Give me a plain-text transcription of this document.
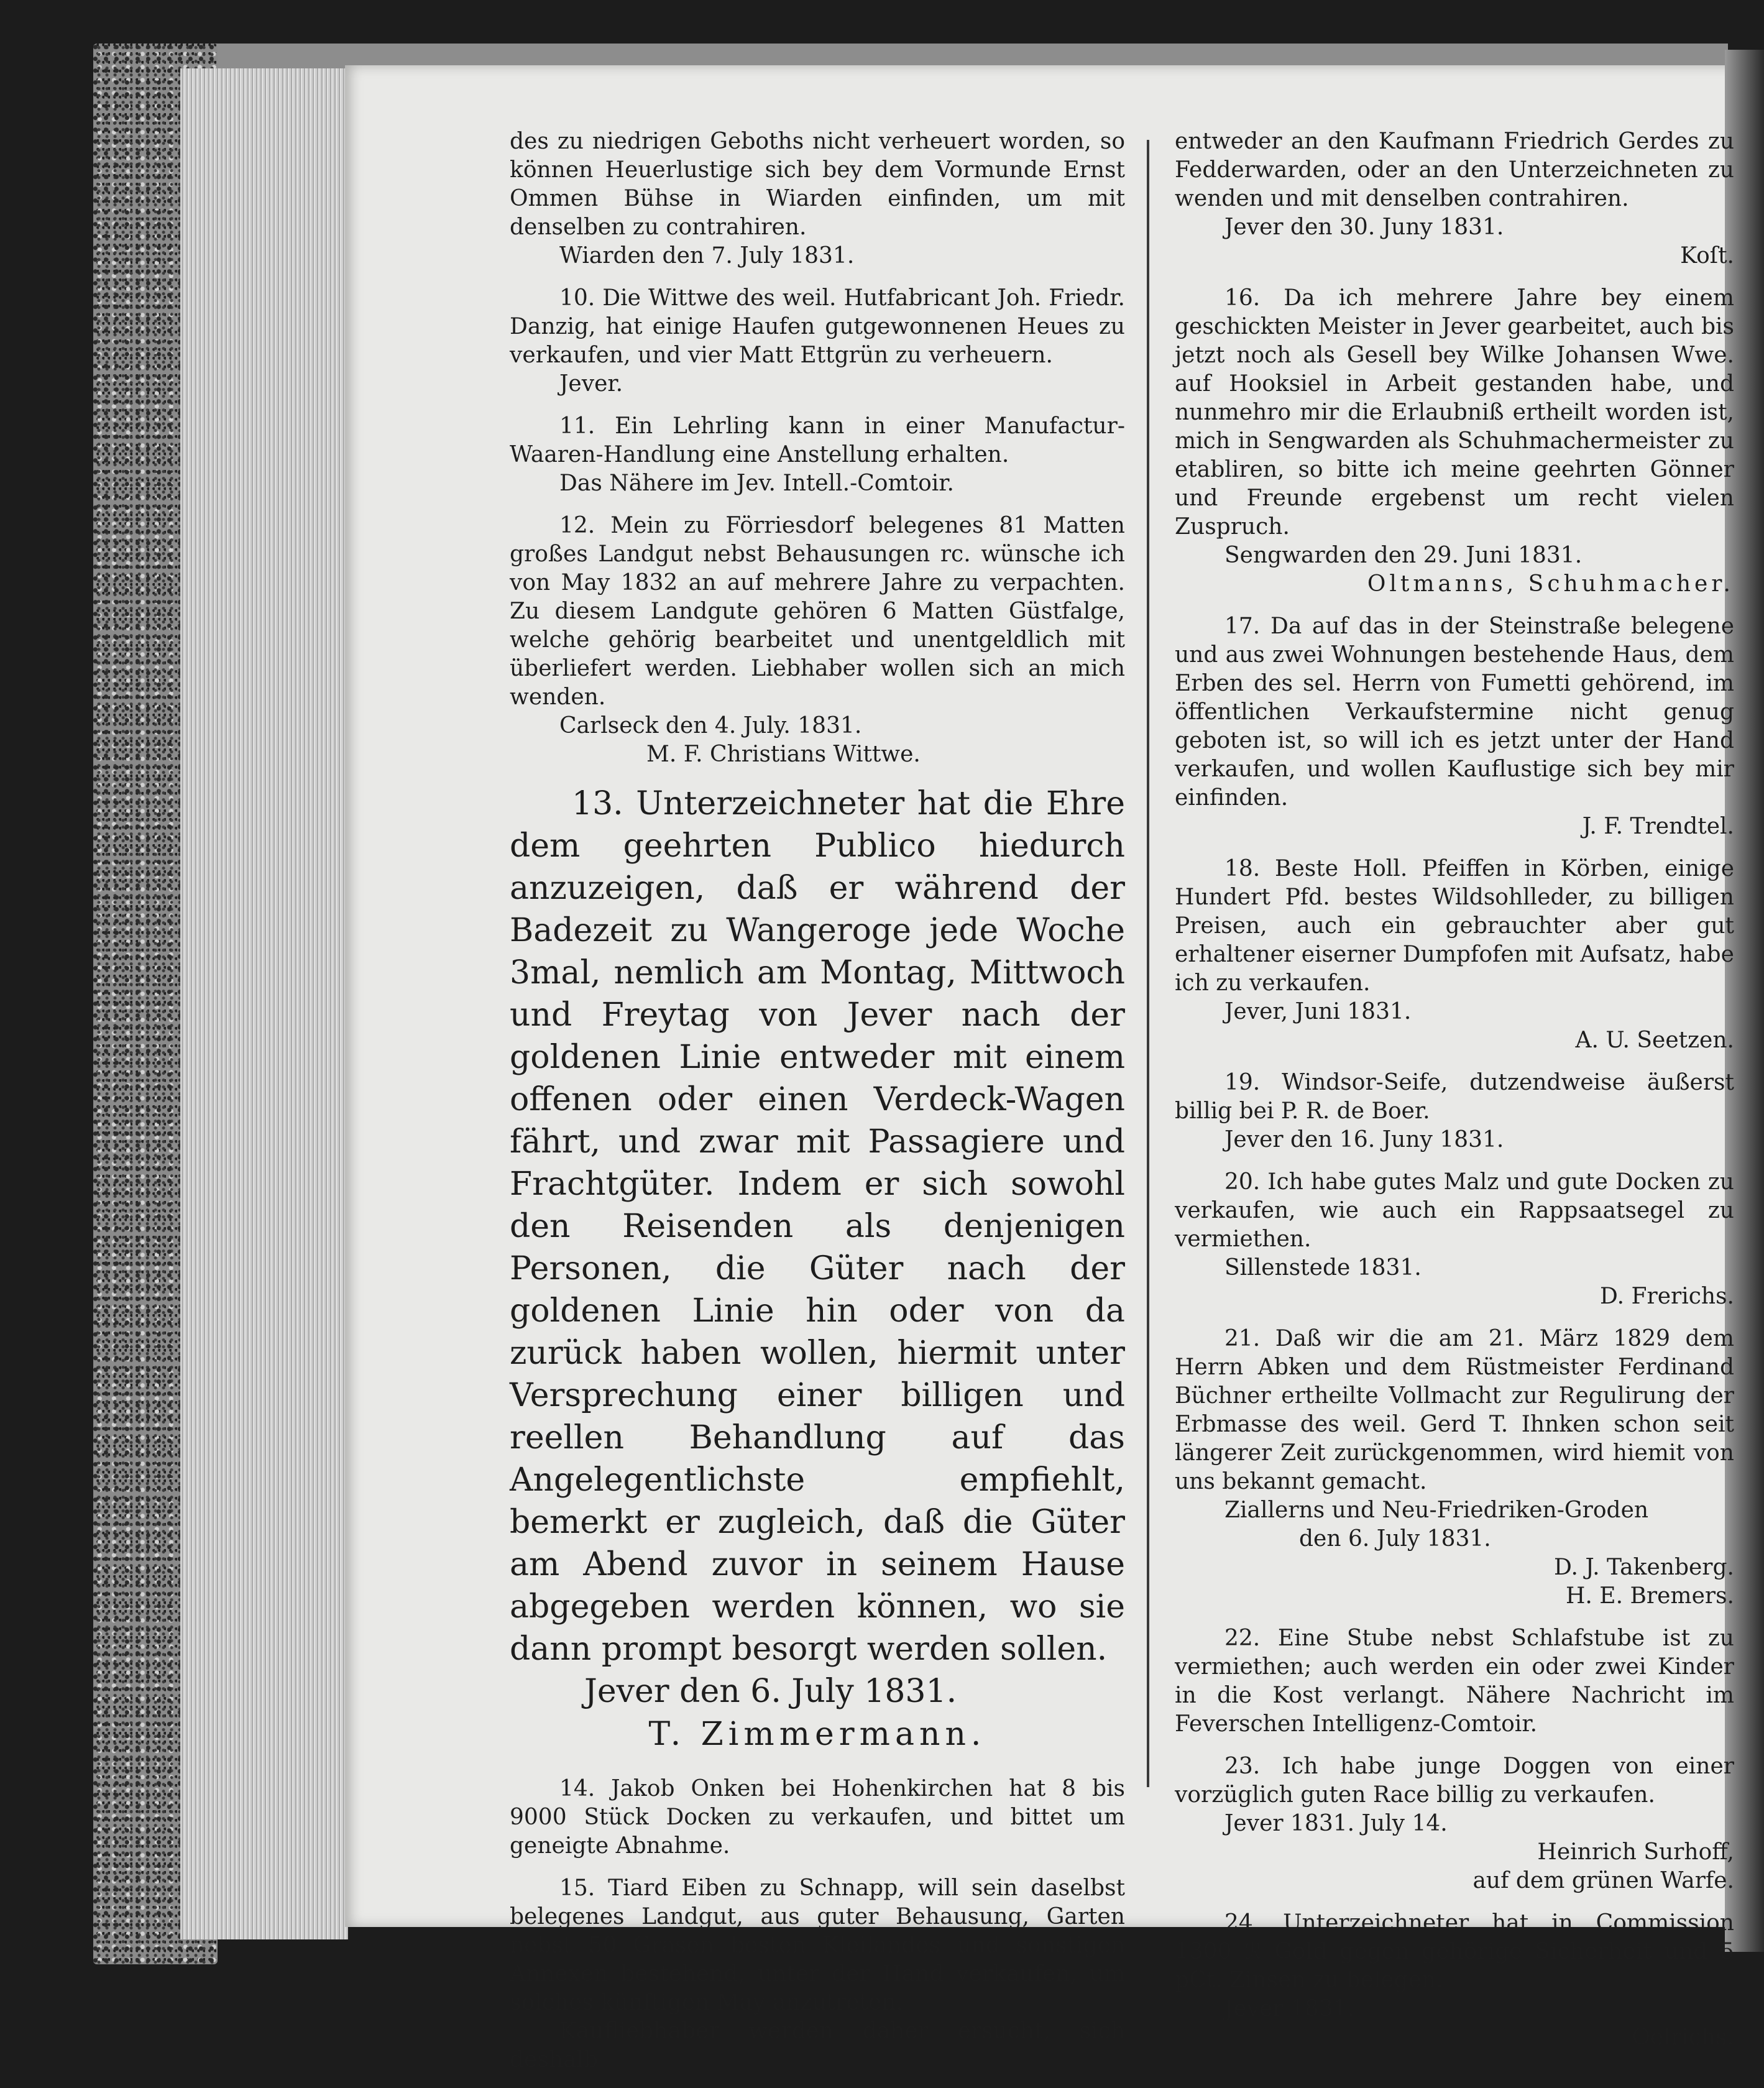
des zu niedrigen Geboths nicht verheuert worden, so können Heuerlustige sich bey dem Vormunde Ernst Ommen Bühse in Wiarden einfinden, um mit denselben zu contrahiren.

Wiarden den 7. July 1831.

10. Die Wittwe des weil. Hutfabricant Joh. Friedr. Danzig, hat einige Haufen gutgewonnenen Heues zu verkaufen, und vier Matt Ettgrün zu verheuern.

Jever.

11. Ein Lehrling kann in einer Manufactur-Waaren-Handlung eine Anstellung erhalten.

Das Nähere im Jev. Intell.-Comtoir.

12. Mein zu Förriesdorf belegenes 81 Matten großes Landgut nebst Behausungen rc. wünsche ich von May 1832 an auf mehrere Jahre zu verpachten. Zu diesem Landgute gehören 6 Matten Güstfalge, welche gehörig bearbeitet und unentgeldlich mit überliefert werden. Liebhaber wollen sich an mich wenden.

Carlseck den 4. July. 1831.

M. F. Christians Wittwe.

13. Unterzeichneter hat die Ehre dem geehrten Publico hiedurch anzuzeigen, daß er während der Badezeit zu Wangeroge jede Woche 3mal, nemlich am Montag, Mittwoch und Freytag von Jever nach der goldenen Linie entweder mit einem offenen oder einen Verdeck-Wagen fährt, und zwar mit Passagiere und Frachtgüter. Indem er sich sowohl den Reisenden als denjenigen Personen, die Güter nach der goldenen Linie hin oder von da zurück haben wollen, hiermit unter Versprechung einer billigen und reellen Behandlung auf das Angelegentlichste empfiehlt, bemerkt er zugleich, daß die Güter am Abend zuvor in seinem Hause abgegeben werden können, wo sie dann prompt besorgt werden sollen.

Jever den 6. July 1831.

T. Zimmermann.

14. Jakob Onken bei Hohenkirchen hat 8 bis 9000 Stück Docken zu verkaufen, und bittet um geneigte Abnahme.

15. Tiard Eiben zu Schnapp, will sein daselbst belegenes Landgut, aus guter Behausung, Garten nebst 50 Grasen besten Kleilandes und sonstigen Annexen bestehend, unter der Hand verkaufen, um solches künftigen May anzutreten.

Kaufliebhaber werden daher ersucht, sich deshalb

entweder an den Kaufmann Friedrich Gerdes zu Fedderwarden, oder an den Unterzeichneten zu wenden und mit denselben contrahiren.

Jever den 30. Juny 1831.

Koſt.

16. Da ich mehrere Jahre bey einem geschickten Meister in Jever gearbeitet, auch bis jetzt noch als Gesell bey Wilke Johansen Wwe. auf Hooksiel in Arbeit gestanden habe, und nunmehro mir die Erlaubniß ertheilt worden ist, mich in Sengwarden als Schuhmachermeister zu etabliren, so bitte ich meine geehrten Gönner und Freunde ergebenst um recht vielen Zuspruch.

Sengwarden den 29. Juni 1831.

Oltmanns, Schuhmacher.

17. Da auf das in der Steinstraße belegene und aus zwei Wohnungen bestehende Haus, dem Erben des sel. Herrn von Fumetti gehörend, im öffentlichen Verkaufstermine nicht genug geboten ist, so will ich es jetzt unter der Hand verkaufen, und wollen Kauflustige sich bey mir einfinden.

J. F. Trendtel.

18. Beste Holl. Pfeiffen in Körben, einige Hundert Pfd. bestes Wildsohlleder, zu billigen Preisen, auch ein gebrauchter aber gut erhaltener eiserner Dumpfofen mit Aufsatz, habe ich zu verkaufen.

Jever, Juni 1831.

A. U. Seetzen.

19. Windsor-Seife, dutzendweise äußerst billig bei P. R. de Boer.

Jever den 16. Juny 1831.

20. Ich habe gutes Malz und gute Docken zu verkaufen, wie auch ein Rappsaatsegel zu vermiethen.

Sillenstede 1831.

D. Frerichs.

21. Daß wir die am 21. März 1829 dem Herrn Abken und dem Rüstmeister Ferdinand Büchner ertheilte Vollmacht zur Regulirung der Erbmasse des weil. Gerd T. Ihnken schon seit längerer Zeit zurückgenommen, wird hiemit von uns bekannt gemacht.

Ziallerns und Neu-Friedriken-Groden

den 6. July 1831.

D. J. Takenberg.

H. E. Bremers.

22. Eine Stube nebst Schlafstube ist zu vermiethen; auch werden ein oder zwei Kinder in die Kost verlangt. Nähere Nachricht im Feverschen Intelligenz-Comtoir.

23. Ich habe junge Doggen von einer vorzüglich guten Race billig zu verkaufen.

Jever 1831. July 14.

Heinrich Surhoff,

auf dem grünen Warfe.

24. Unterzeichneter hat in Commission 1300 ℛ Gold gegen gehörige Sicherheit und 5 pCt. Zinsen zu belegen.

Jever 1831.

Oelrichs.
